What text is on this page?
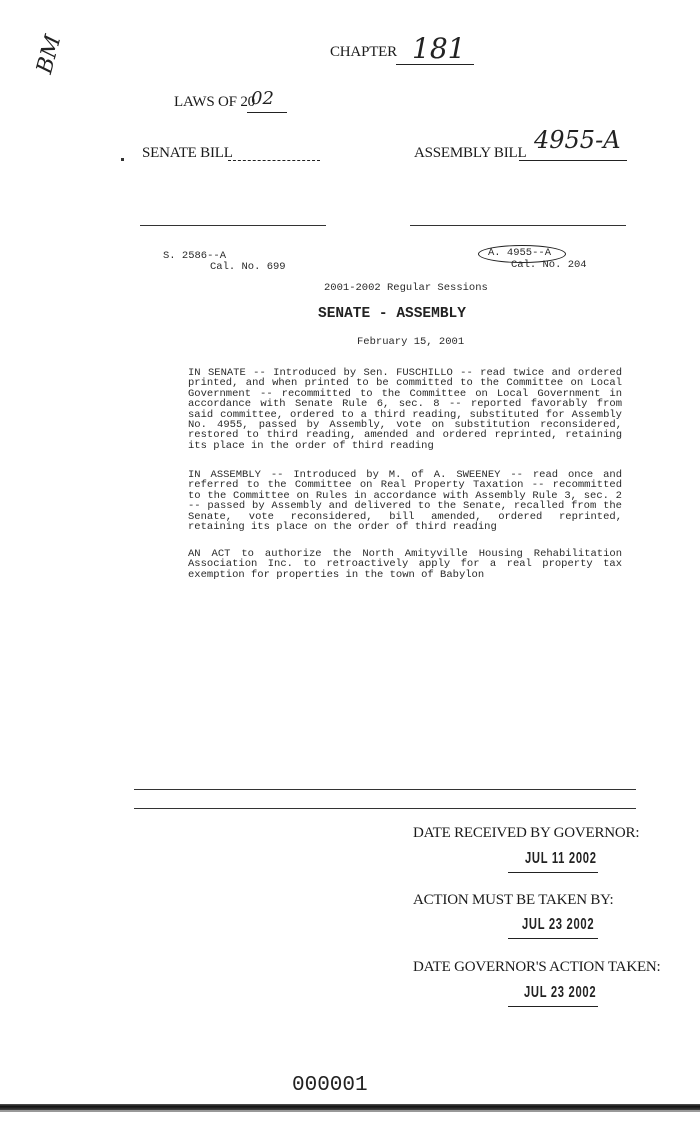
BM	CHAPTER 181
LAWS OF 20
02
SENATE BILL	ASSEMBLY BILL 4955-A
S. 2586--A
Cal. No. 699
A. 4955--A
Cal. No. 204
2001-2002 Regular Sessions
SENATE - ASSEMBLY
February 15, 2001
IN SENATE -- Introduced by Sen. FUSCHILLO -- read twice and ordered printed, and when printed to be committed to the Committee on Local Government -- recommitted to the Committee on Local Government in accordance with Senate Rule 6, sec. 8 -- reported favorably from said committee, ordered to a third reading, substituted for Assembly No. 4955, passed by Assembly, vote on substitution reconsidered, restored to third reading, amended and ordered reprinted, retaining its place in the order of third reading
IN ASSEMBLY -- Introduced by M. of A. SWEENEY -- read once and referred to the Committee on Real Property Taxation -- recommitted to the Committee on Rules in accordance with Assembly Rule 3, sec. 2 -- passed by Assembly and delivered to the Senate, recalled from the Senate, vote reconsidered, bill amended, ordered reprinted, retaining its place on the order of third reading
AN ACT to authorize the North Amityville Housing Rehabilitation Association Inc. to retroactively apply for a real property tax exemption for properties in the town of Babylon
DATE RECEIVED BY GOVERNOR:
JUL 11 2002
ACTION MUST BE TAKEN BY:
JUL 23 2002
DATE GOVERNOR'S ACTION TAKEN:
JUL 23 2002
000001
